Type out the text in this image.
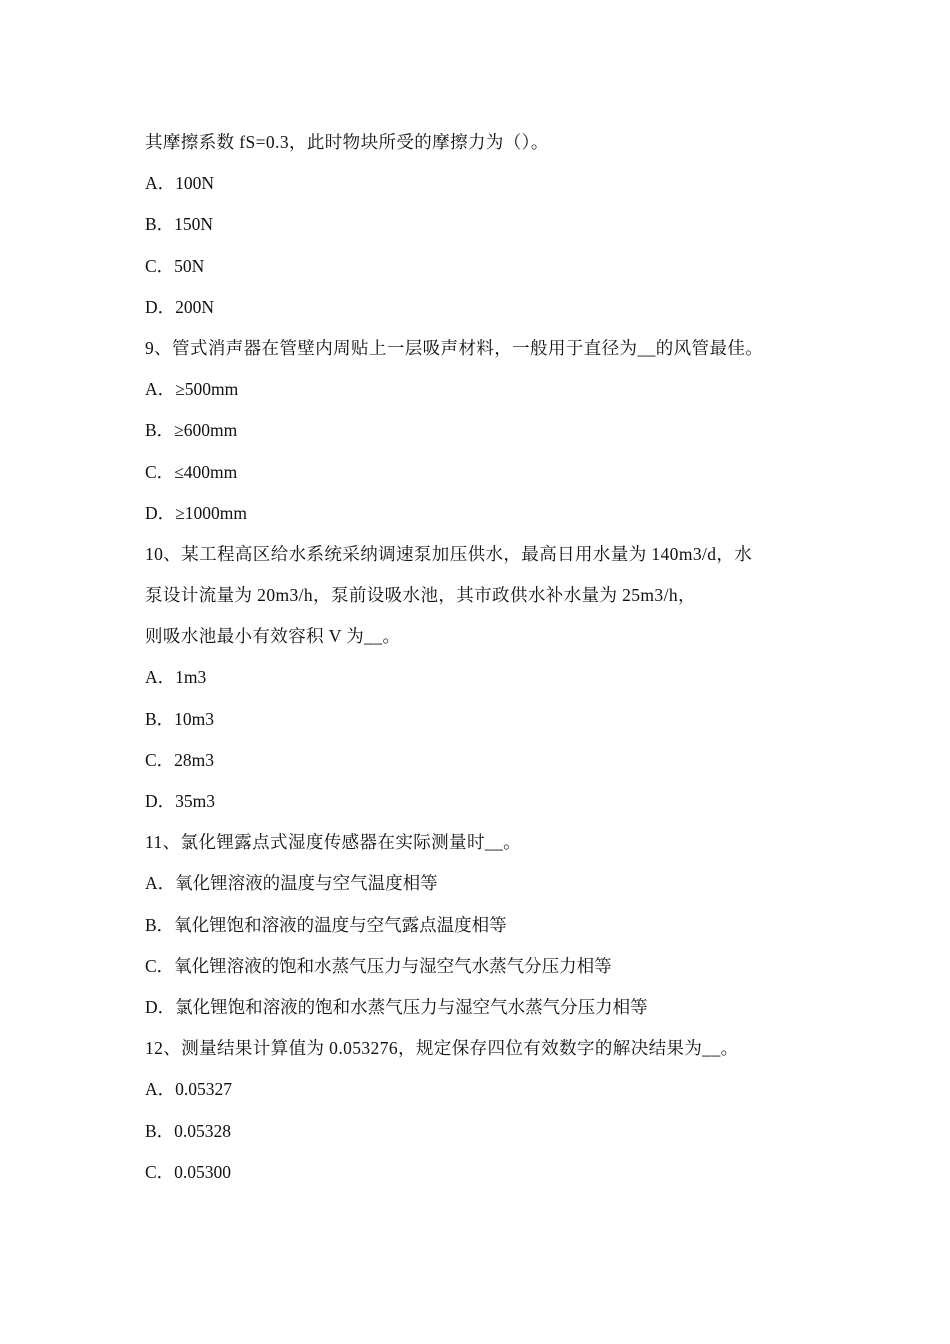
其摩擦系数 fS=0.3，此时物块所受的摩擦力为（）。
A．100N
B．150N
C．50N
D．200N
9、管式消声器在管壁内周贴上一层吸声材料，一般用于直径为__的风管最佳。
A．≥500mm
B．≥600mm
C．≤400mm
D．≥1000mm
10、某工程高区给水系统采纳调速泵加压供水，最高日用水量为 140m3/d，水
泵设计流量为 20m3/h，泵前设吸水池，其市政供水补水量为 25m3/h，
则吸水池最小有效容积 V 为__。
A．1m3
B．10m3
C．28m3
D．35m3
11、氯化锂露点式湿度传感器在实际测量时__。
A．氧化锂溶液的温度与空气温度相等
B．氧化锂饱和溶液的温度与空气露点温度相等
C．氧化锂溶液的饱和水蒸气压力与湿空气水蒸气分压力相等
D．氯化锂饱和溶液的饱和水蒸气压力与湿空气水蒸气分压力相等
12、测量结果计算值为 0.053276，规定保存四位有效数字的解决结果为__。
A．0.05327
B．0.05328
C．0.05300
